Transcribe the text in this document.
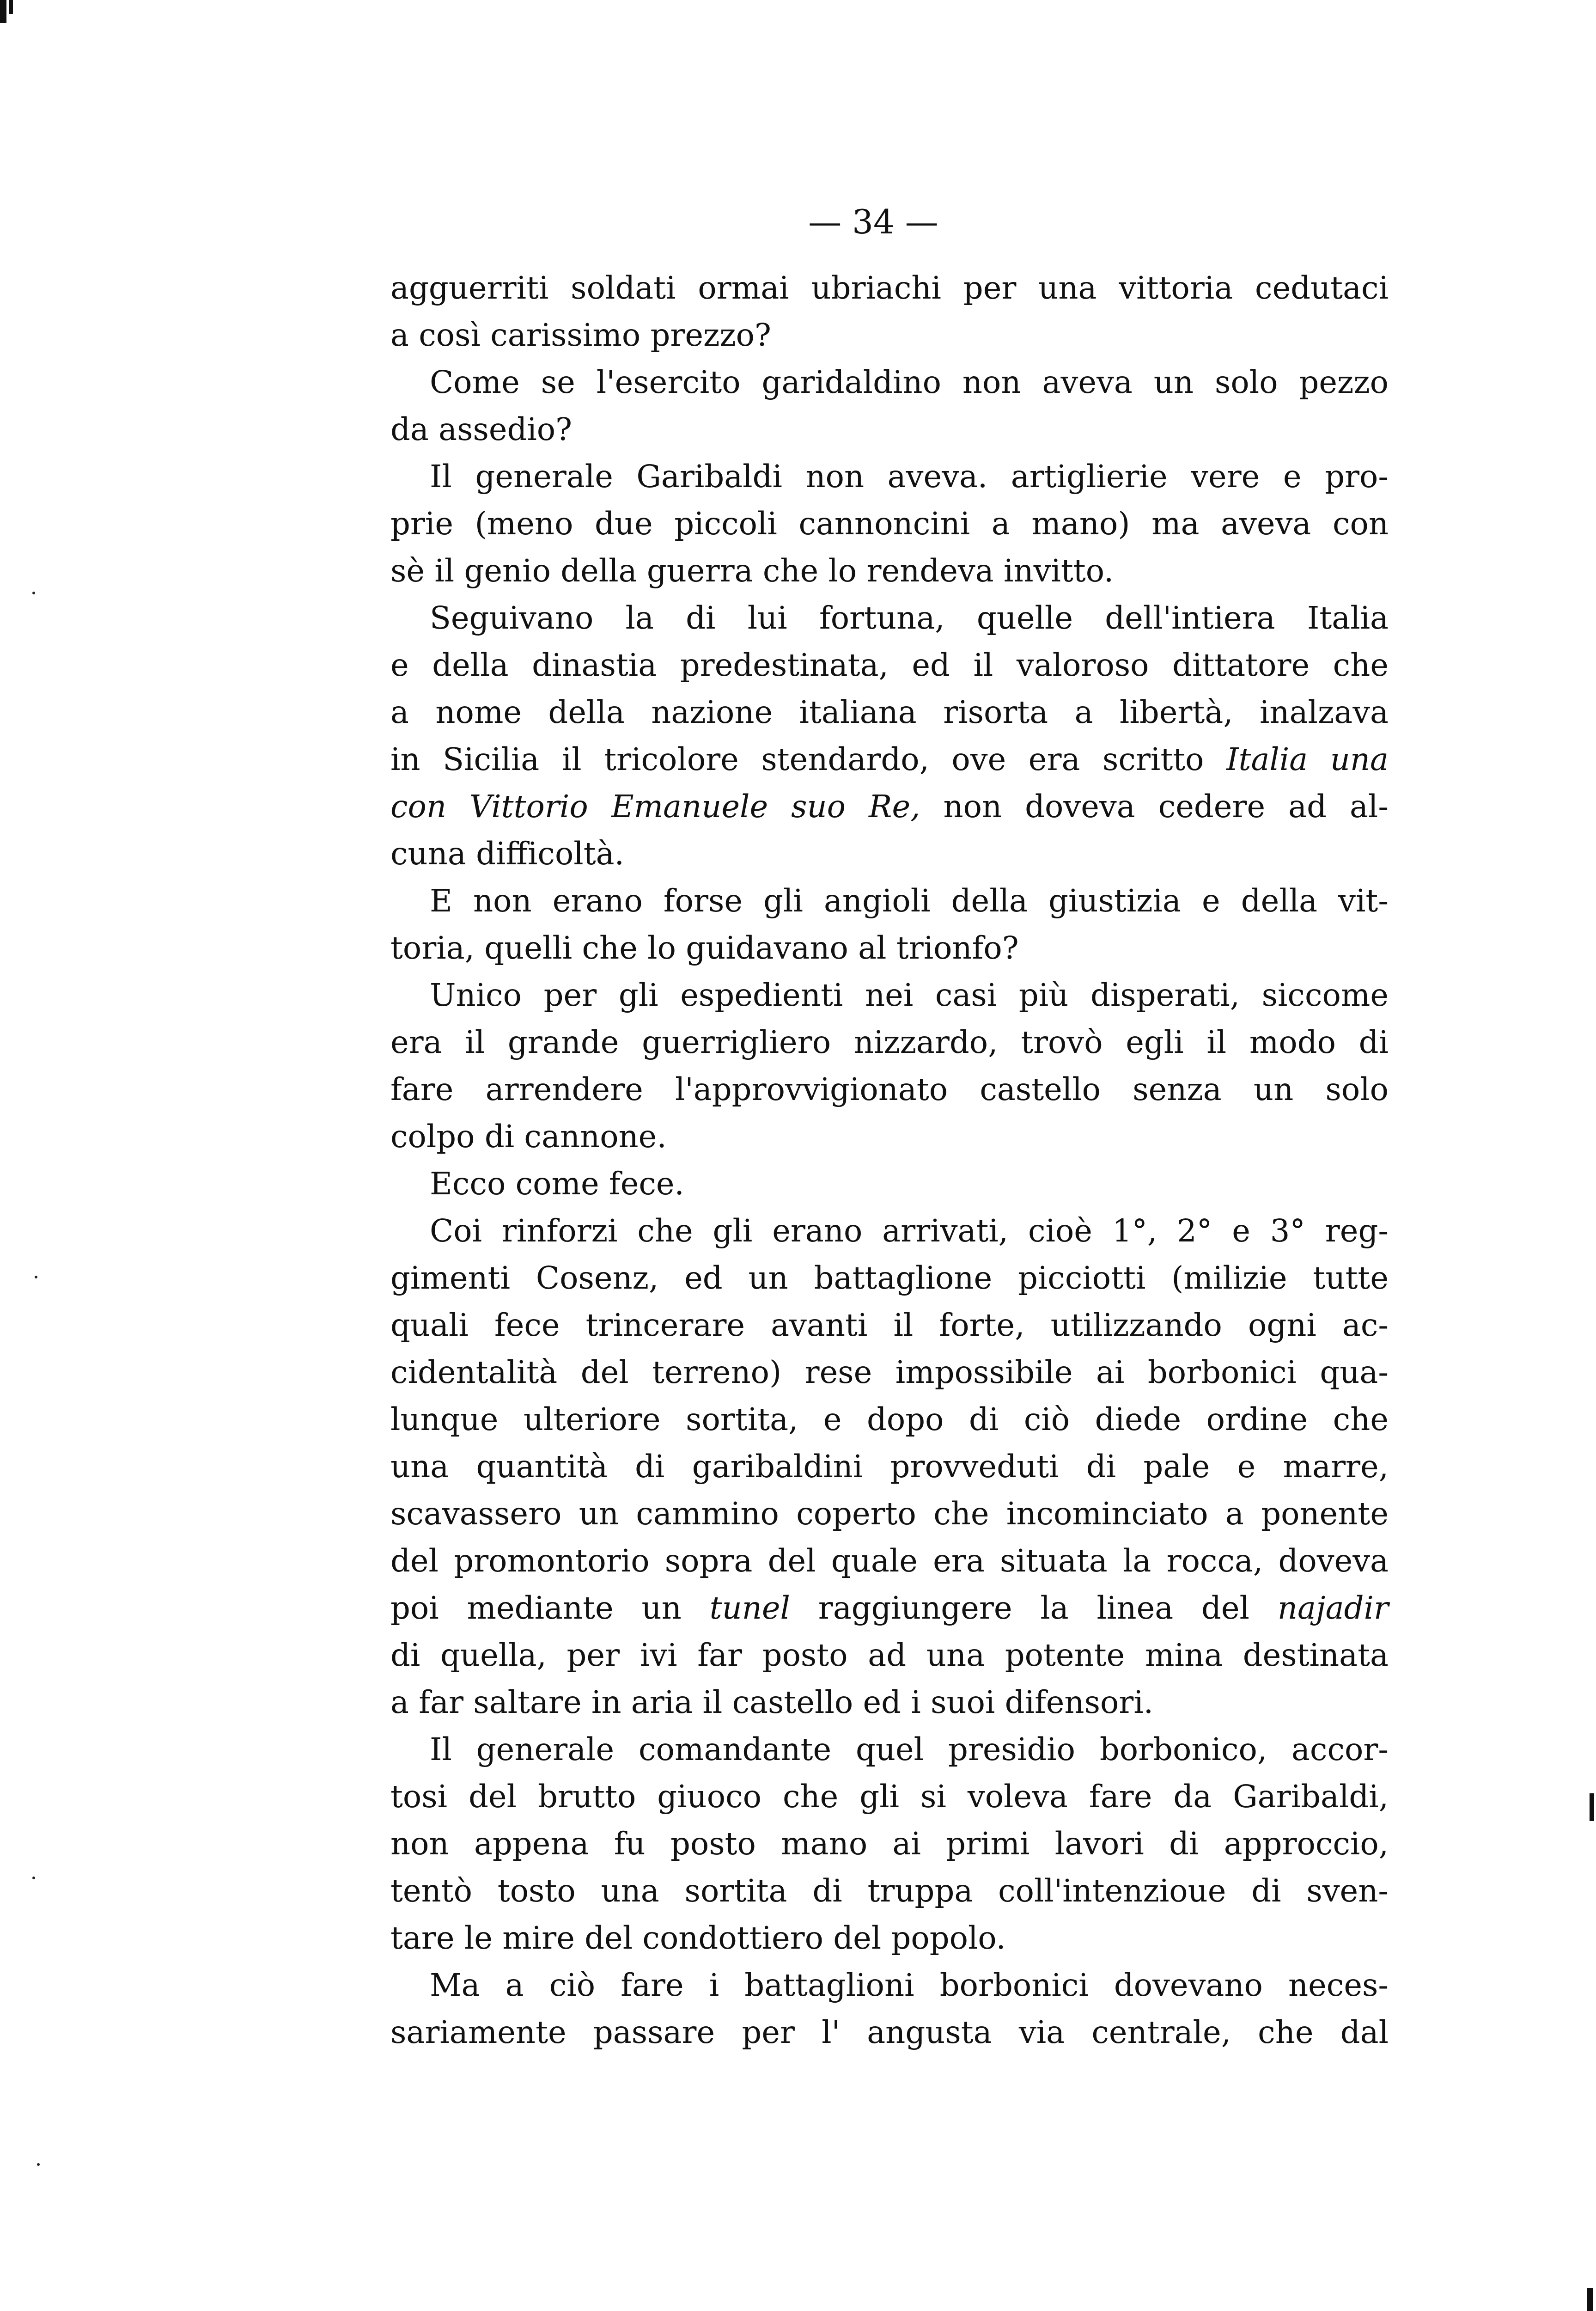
— 34 —
agguerriti soldati ormai ubriachi per una vittoria cedutaci
a così carissimo prezzo?
Come se l'esercito garidaldino non aveva un solo pezzo
da assedio?
Il generale Garibaldi non aveva. artiglierie vere e pro-
prie (meno due piccoli cannoncini a mano) ma aveva con
sè il genio della guerra che lo rendeva invitto.
Seguivano la di lui fortuna, quelle dell'intiera Italia
e della dinastia predestinata, ed il valoroso dittatore che
a nome della nazione italiana risorta a libertà, inalzava
in Sicilia il tricolore stendardo, ove era scritto Italia una
con Vittorio Emanuele suo Re, non doveva cedere ad al-
cuna difficoltà.
E non erano forse gli angioli della giustizia e della vit-
toria, quelli che lo guidavano al trionfo?
Unico per gli espedienti nei casi più disperati, siccome
era il grande guerrigliero nizzardo, trovò egli il modo di
fare arrendere l'approvvigionato castello senza un solo
colpo di cannone.
Ecco come fece.
Coi rinforzi che gli erano arrivati, cioè 1°, 2° e 3° reg-
gimenti Cosenz, ed un battaglione picciotti (milizie tutte
quali fece trincerare avanti il forte, utilizzando ogni ac-
cidentalità del terreno) rese impossibile ai borbonici qua-
lunque ulteriore sortita, e dopo di ciò diede ordine che
una quantità di garibaldini provveduti di pale e marre,
scavassero un cammino coperto che incominciato a ponente
del promontorio sopra del quale era situata la rocca, doveva
poi mediante un tunel raggiungere la linea del najadir
di quella, per ivi far posto ad una potente mina destinata
a far saltare in aria il castello ed i suoi difensori.
Il generale comandante quel presidio borbonico, accor-
tosi del brutto giuoco che gli si voleva fare da Garibaldi,
non appena fu posto mano ai primi lavori di approccio,
tentò tosto una sortita di truppa coll'intenzioue di sven-
tare le mire del condottiero del popolo.
Ma a ciò fare i battaglioni borbonici dovevano neces-
sariamente passare per l' angusta via centrale, che dal
